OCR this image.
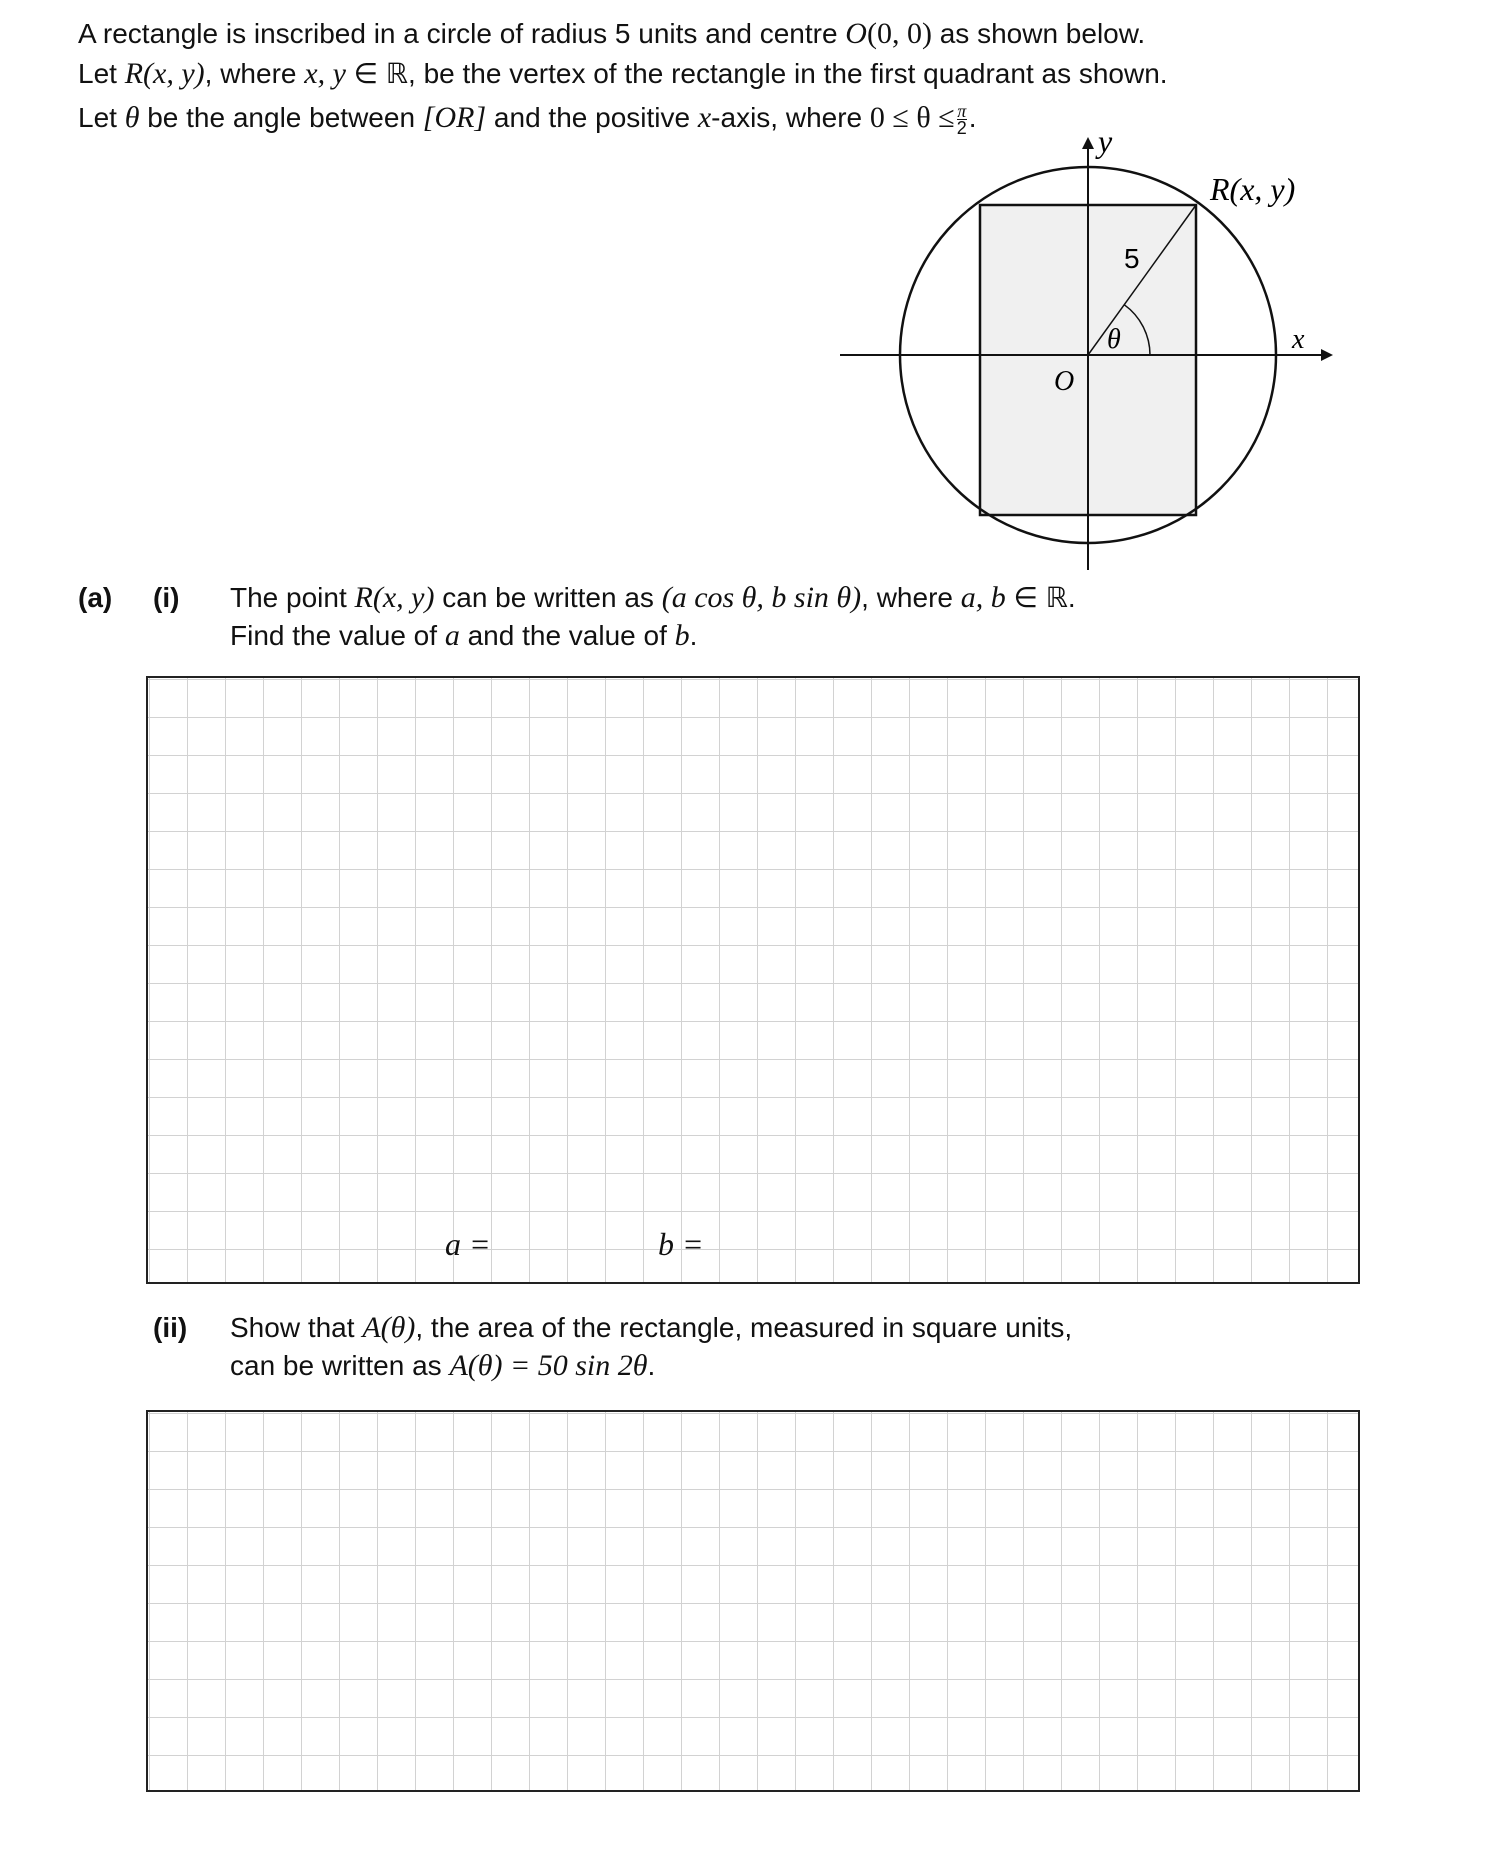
A rectangle is inscribed in a circle of radius 5 units and centre O(0, 0) as shown below.
Let R(x, y), where x, y ∈ ℝ, be the vertex of the rectangle in the first quadrant as shown.
Let θ be the angle between [OR] and the positive x-axis, where $0 \le \theta \le \frac{\pi}{2}$ .
y
x
O
5
θ
R(x, y)
(a) (i) The point R(x, y) can be written as (a cos θ, b sin θ), where a, b ∈ ℝ.
Find the value of a and the value of b.
a =	b =
(ii) Show that A(θ), the area of the rectangle, measured in square units,
can be written as A(θ) = 50 sin 2θ.
